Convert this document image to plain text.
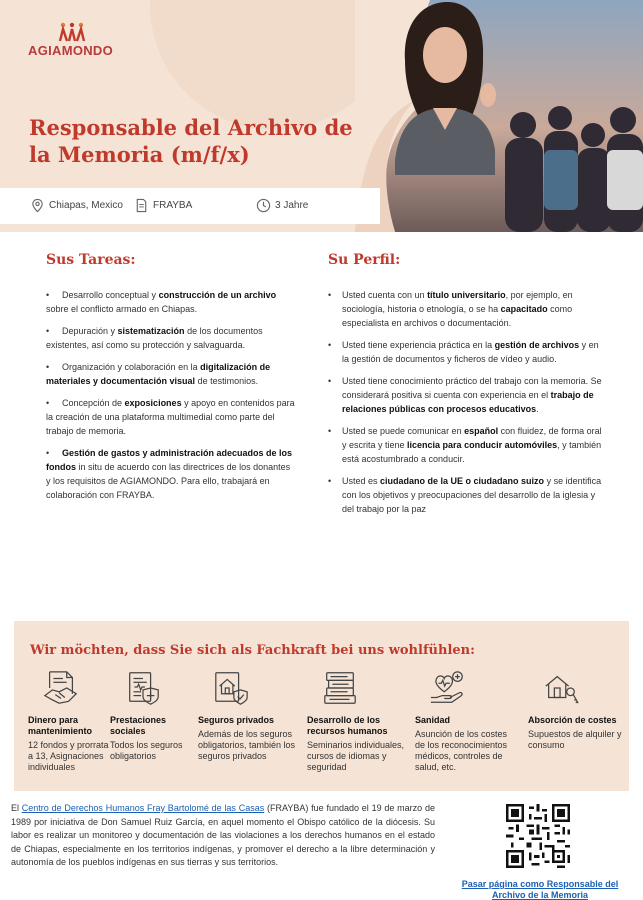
AGIAMONDO
Responsable del Archivo de la Memoria (m/f/x)
Chiapas, Mexico	FRAYBA	3 Jahre
Sus Tareas:
• Desarrollo conceptual y construcción de un archivo sobre el conflicto armado en Chiapas.
• Depuración y sistematización de los documentos existentes, así como su protección y salvaguarda.
• Organización y colaboración en la digitalización de materiales y documentación visual de testimonios.
• Concepción de exposiciones y apoyo en contenidos para la creación de una plataforma multimedial como parte del trabajo de memoria.
• Gestión de gastos y administración adecuados de los fondos in situ de acuerdo con las directrices de los donantes y los requisitos de AGIAMONDO. Para ello, trabajará en colaboración con FRAYBA.
Su Perfil:
•	Usted cuenta con un título universitario, por ejemplo, en sociología, historia o etnología, o se ha capacitado como especialista en archivos o documentación.
•	Usted tiene experiencia práctica en la gestión de archivos y en la gestión de documentos y ficheros de vídeo y audio.
•	Usted tiene conocimiento práctico del trabajo con la memoria. Se considerará positiva si cuenta con experiencia en el trabajo de relaciones públicas con procesos educativos.
•	Usted se puede comunicar en español con fluidez, de forma oral y escrita y tiene licencia para conducir automóviles, y también está acostumbrado a conducir.
•	Usted es ciudadano de la UE o ciudadano suizo y se identifica con los objetivos y preocupaciones del desarrollo de la iglesia y del trabajo por la paz
Wir möchten, dass Sie sich als Fachkraft bei uns wohlfühlen:
Dinero para mantenimiento
12 fondos y prorrata a 13, Asignaciones individuales
Prestaciones sociales
Todos los seguros obligatorios
Seguros privados
Además de los seguros obligatorios, también los seguros privados
Desarrollo de los recursos humanos
Seminarios individuales, cursos de idiomas y seguridad
Sanidad
Asunción de los costes de los reconocimientos médicos, controles de salud, etc.
Absorción de costes
Supuestos de alquiler y consumo

El Centro de Derechos Humanos Fray Bartolomé de las Casas (FRAYBA) fue fundado el 19 de marzo de 1989 por iniciativa de Don Samuel Ruiz García, en aquel momento el Obispo católico de la diócesis. Su labor es realizar un monitoreo y documentación de las violaciones a los derechos humanos en el estado de Chiapas, especialmente en los territorios indígenas, y promover el derecho a la libre determinación y autonomía de los pueblos indígenas en sus tierras y sus territorios.

Pasar página como Responsable del Archivo de la Memoria
